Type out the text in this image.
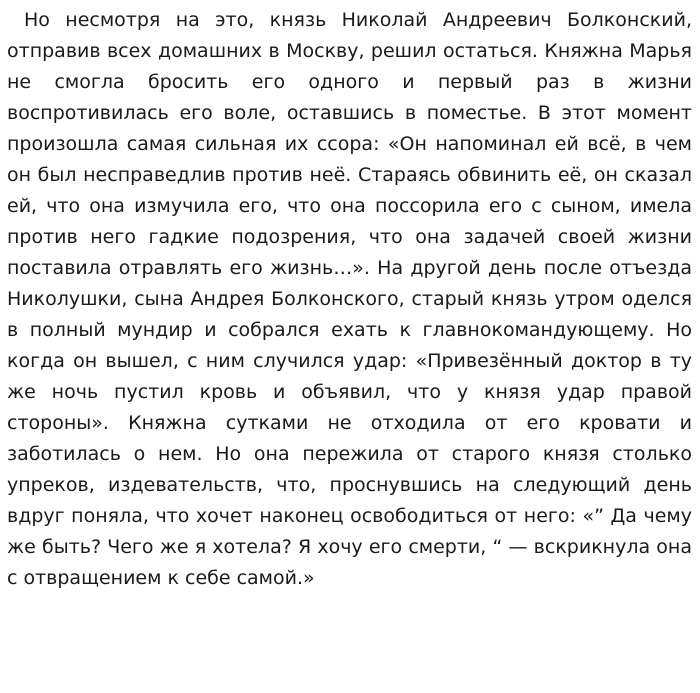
Но несмотря на это, князь Николай Андреевич Болконский, отправив всех домашних в Москву, решил остаться. Княжна Марья не смогла бросить его одного и первый раз в жизни воспротивилась его воле, оставшись в поместье. В этот момент произошла самая сильная их ссора: «Он напоминал ей всё, в чем он был несправедлив против неё. Стараясь обвинить её, он сказал ей, что она измучила его, что она поссорила его с сыном, имела против него гадкие подозрения, что она задачей своей жизни поставила отравлять его жизнь…». На другой день после отъезда Николушки, сына Андрея Болконского, старый князь утром оделся в полный мундир и собрался ехать к главнокомандующему. Но когда он вышел, с ним случился удар: «Привезённый доктор в ту же ночь пустил кровь и объявил, что у князя удар правой стороны». Княжна сутками не отходила от его кровати и заботилась о нем. Но она пережила от старого князя столько упреков, издевательств, что, проснувшись на следующий день вдруг поняла, что хочет наконец освободиться от него: «” Да чему же быть? Чего же я хотела? Я хочу его смерти, “ — вскрикнула она с отвращением к себе самой.»
